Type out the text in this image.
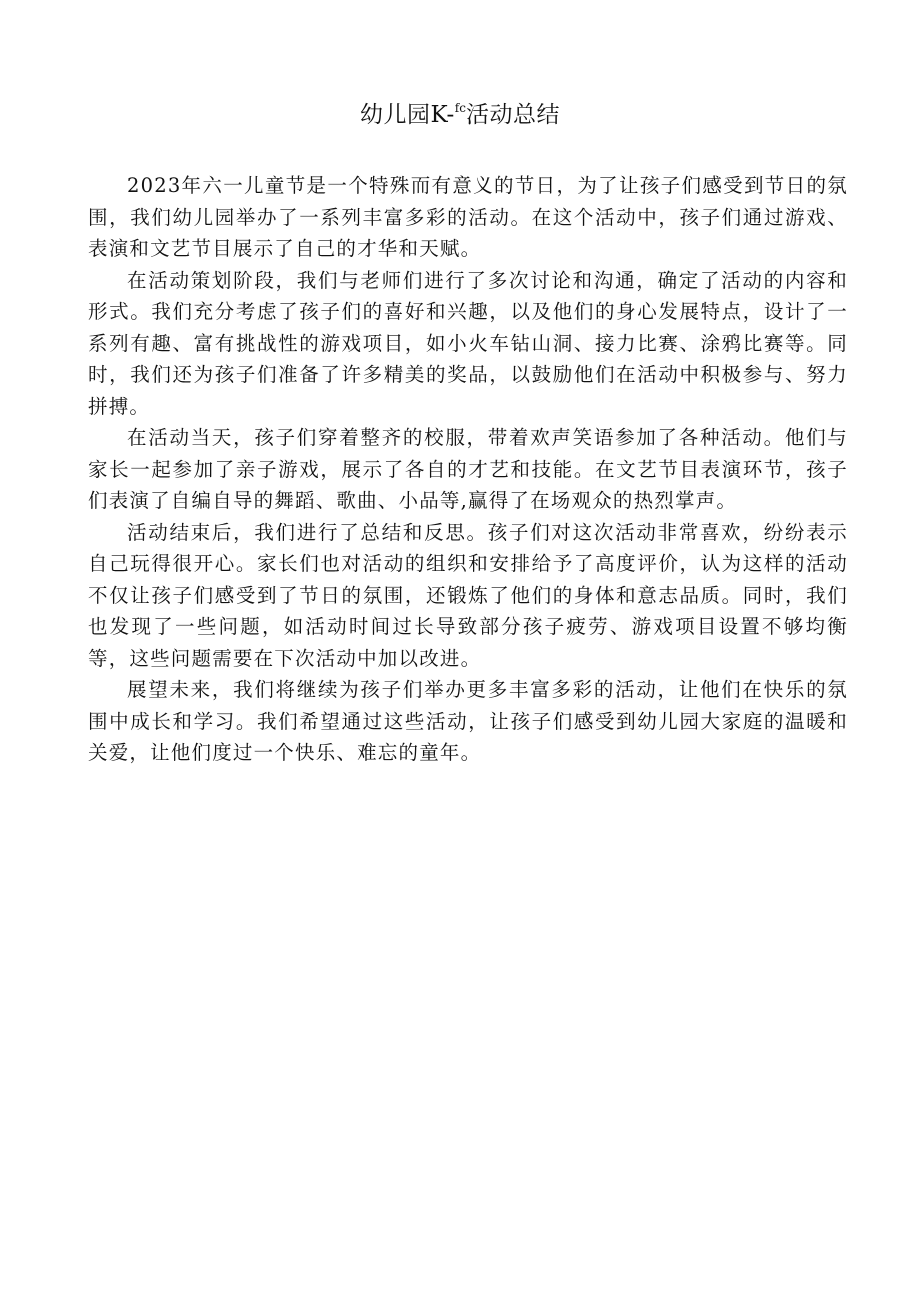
幼儿园K-$^{fc}$活动总结

2023年六一儿童节是一个特殊而有意义的节日，为了让孩子们感受到节日的氛围，我们幼儿园举办了一系列丰富多彩的活动。在这个活动中，孩子们通过游戏、表演和文艺节目展示了自己的才华和天赋。

在活动策划阶段，我们与老师们进行了多次讨论和沟通，确定了活动的内容和形式。我们充分考虑了孩子们的喜好和兴趣，以及他们的身心发展特点，设计了一系列有趣、富有挑战性的游戏项目，如小火车钻山洞、接力比赛、涂鸦比赛等。同时，我们还为孩子们准备了许多精美的奖品，以鼓励他们在活动中积极参与、努力拼搏。

在活动当天，孩子们穿着整齐的校服，带着欢声笑语参加了各种活动。他们与家长一起参加了亲子游戏，展示了各自的才艺和技能。在文艺节目表演环节，孩子们表演了自编自导的舞蹈、歌曲、小品等,赢得了在场观众的热烈掌声。

活动结束后，我们进行了总结和反思。孩子们对这次活动非常喜欢，纷纷表示自己玩得很开心。家长们也对活动的组织和安排给予了高度评价，认为这样的活动不仅让孩子们感受到了节日的氛围，还锻炼了他们的身体和意志品质。同时，我们也发现了一些问题，如活动时间过长导致部分孩子疲劳、游戏项目设置不够均衡等，这些问题需要在下次活动中加以改进。

展望未来，我们将继续为孩子们举办更多丰富多彩的活动，让他们在快乐的氛围中成长和学习。我们希望通过这些活动，让孩子们感受到幼儿园大家庭的温暖和关爱，让他们度过一个快乐、难忘的童年。
